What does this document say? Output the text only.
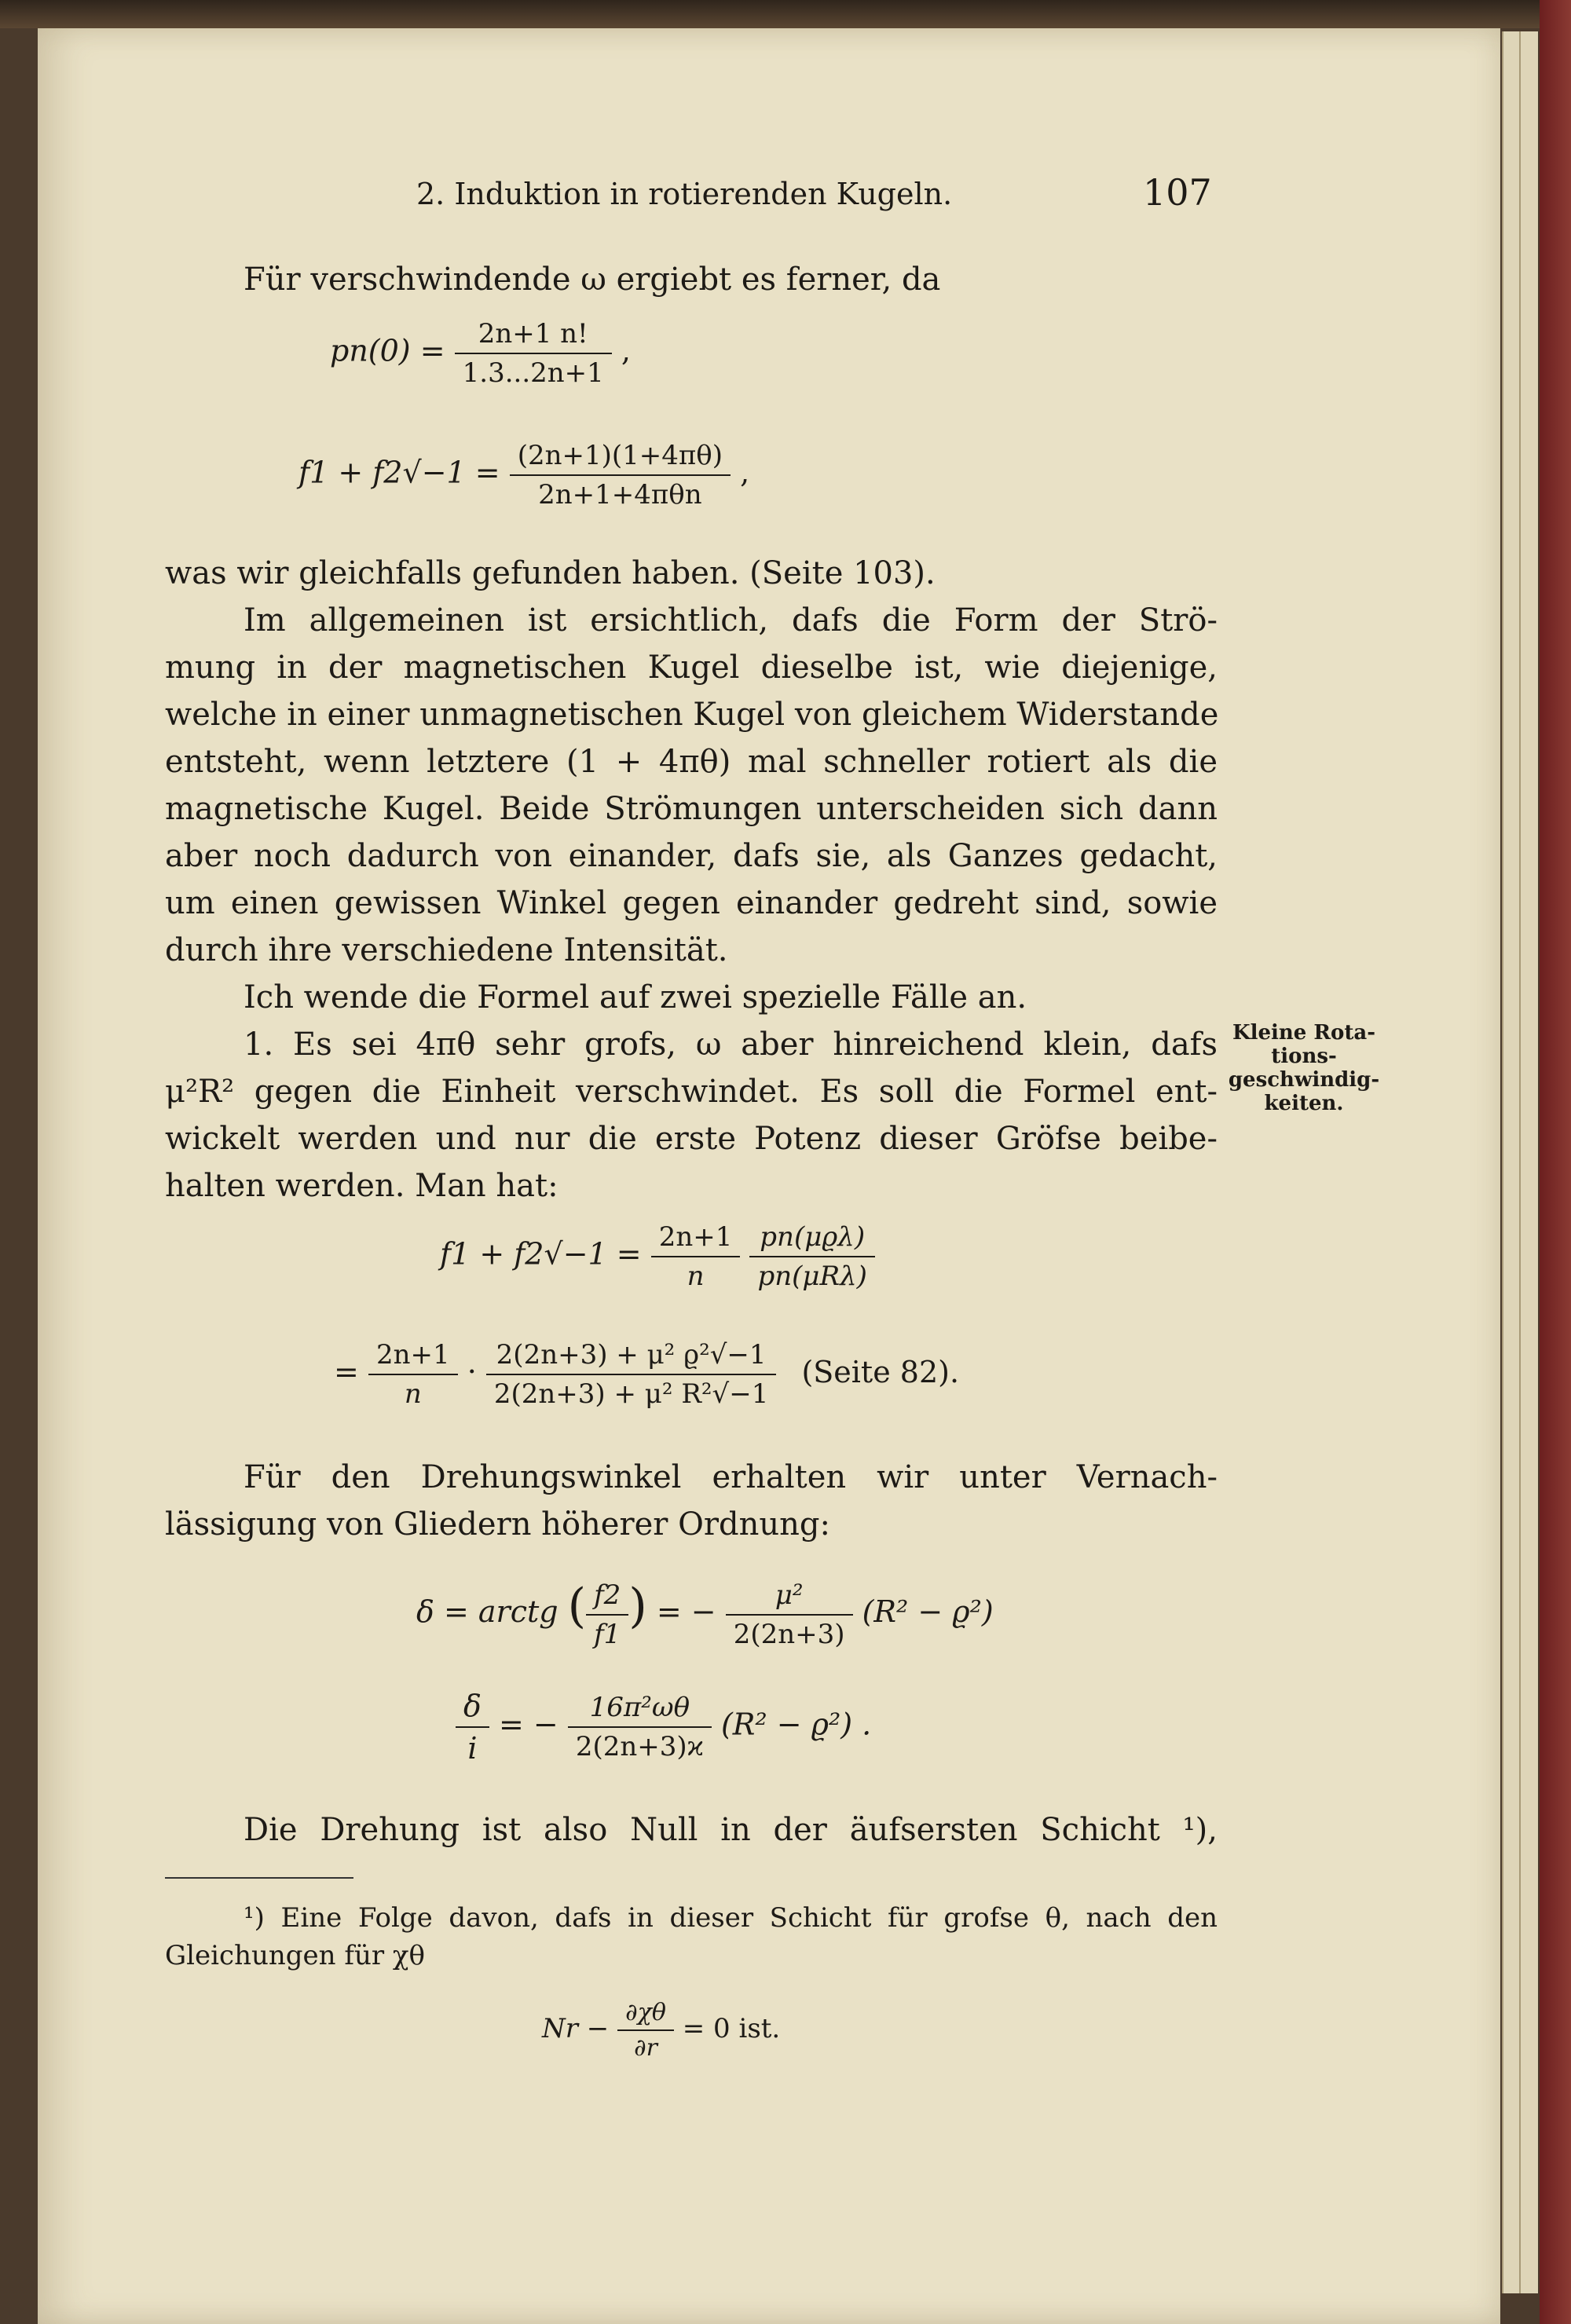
2. Induktion in rotierenden Kugeln.	107
Für verschwindende ω ergiebt es ferner, da
$pn(0) = \frac{2n+1 n!}{1.3...2n+1}$ ,
$f1 + f2√-1 = \frac{(2n+1)(1+4\pi\theta)}{\text{2n+1+4πθn}}$ ,
was wir gleichfalls gefunden haben. (Seite 103).
Im allgemeinen ist ersichtlich, dafs die Form der Strö-
mung in der magnetischen Kugel dieselbe ist, wie diejenige,
welche in einer unmagnetischen Kugel von gleichem Widerstande
entsteht, wenn letztere (1 + 4πθ) mal schneller rotiert als die
magnetische Kugel. Beide Strömungen unterscheiden sich dann
aber noch dadurch von einander, dafs sie, als Ganzes gedacht,
um einen gewissen Winkel gegen einander gedreht sind, sowie
durch ihre verschiedene Intensität.
Ich wende die Formel auf zwei spezielle Fälle an.
1. Es sei 4πθ sehr grofs, ω aber hinreichend klein, dafs
μ²R² gegen die Einheit verschwindet. Es soll die Formel ent-
wickelt werden und nur die erste Potenz dieser Gröfse beibe-
halten werden. Man hat:
Kleine Rota-
tions-
geschwindig-
keiten.
$f1 + f2√-1 = \frac{2n+1}{n}$
$\frac{\text{pn(μϱλ)}}{\text{pn(μRλ)}}$
= $\frac{2n+1}{n} \cdot \frac{\text{2(2n+3) + μ² ϱ²√−1}}{\text{2(2n+3) + μ² R²√−1}}$ (Seite 82).
Für den Drehungswinkel erhalten wir unter Vernach-
lässigung von Gliedern höherer Ordnung:
δ = arctg ( $\frac{f2}{f1}$ ) = − $\frac{\text{μ²}}{2(2n+3)} (R^2 - ϱ^2)$
$\frac{\delta}{i}$ = − $\frac{\text{16π²ωθ}}{2(2n+3)ϰ} (R^2 - ϱ^2)$ .
Die Drehung ist also Null in der äufsersten Schicht ¹),
¹) Eine Folge davon, dafs in dieser Schicht für grofse θ, nach den
Gleichungen für χθ
$Nr - \frac{\partial\chi\theta}{\partial r} = 0$ ist.
